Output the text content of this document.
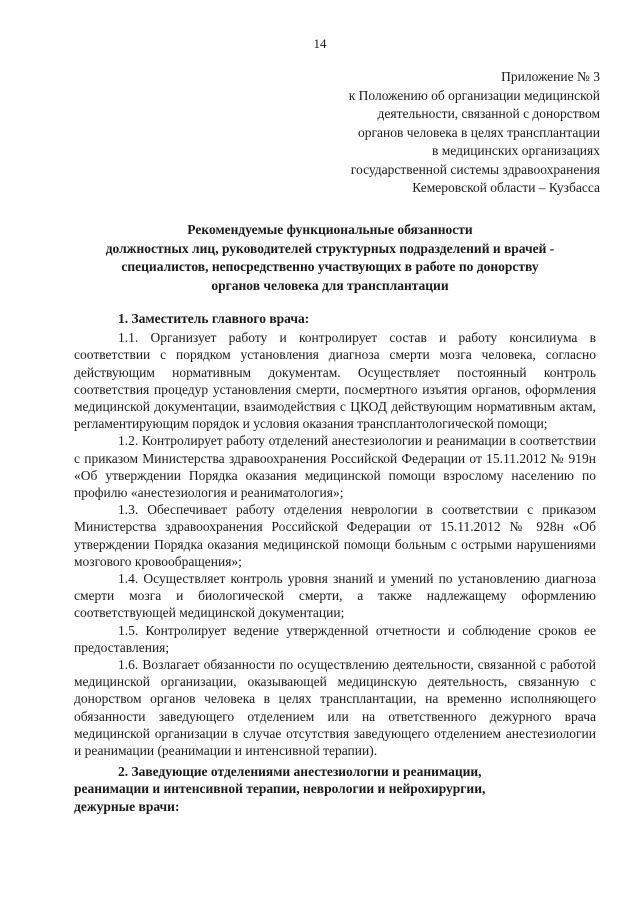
14
Приложение № 3
к Положению об организации медицинской
деятельности, связанной с донорством
органов человека в целях трансплантации
в медицинских организациях
государственной системы здравоохранения
Кемеровской области – Кузбасса
Рекомендуемые функциональные обязанности
должностных лиц, руководителей структурных подразделений и врачей -
специалистов, непосредственно участвующих в работе по донорству
органов человека для трансплантации
1. Заместитель главного врача:

1.1. Организует работу и контролирует состав и работу консилиума в соответствии с порядком установления диагноза смерти мозга человека, согласно действующим нормативным документам. Осуществляет постоянный контроль соответствия процедур установления смерти, посмертного изъятия органов, оформления медицинской документации, взаимодействия с ЦКОД действующим нормативным актам, регламентирующим порядок и условия оказания трансплантологической помощи;

1.2. Контролирует работу отделений анестезиологии и реанимации в соответствии с приказом Министерства здравоохранения Российской Федерации от 15.11.2012 № 919н «Об утверждении Порядка оказания медицинской помощи взрослому населению по профилю «анестезиология и реаниматология»;

1.3. Обеспечивает работу отделения неврологии в соответствии с приказом Министерства здравоохранения Российской Федерации от 15.11.2012 № 928н «Об утверждении Порядка оказания медицинской помощи больным с острыми нарушениями мозгового кровообращения»;

1.4. Осуществляет контроль уровня знаний и умений по установлению диагноза смерти мозга и биологической смерти, а также надлежащему оформлению соответствующей медицинской документации;

1.5. Контролирует ведение утвержденной отчетности и соблюдение сроков ее предоставления;

1.6. Возлагает обязанности по осуществлению деятельности, связанной с работой медицинской организации, оказывающей медицинскую деятельность, связанную с донорством органов человека в целях трансплантации, на временно исполняющего обязанности заведующего отделением или на ответственного дежурного врача медицинской организации в случае отсутствия заведующего отделением анестезиологии и реанимации (реанимации и интенсивной терапии).

2. Заведующие отделениями анестезиологии и реанимации,
реанимации и интенсивной терапии, неврологии и нейрохирургии,
дежурные врачи:
